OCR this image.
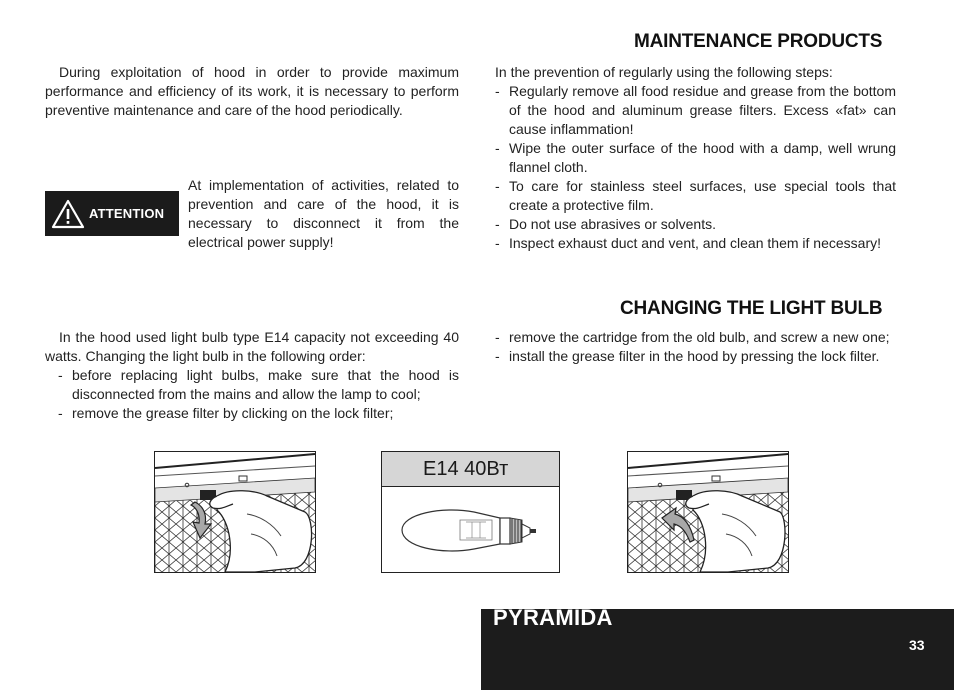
MAINTENANCE PRODUCTS
CHANGING THE LIGHT BULB

During exploitation of hood in order to provide maximum performance and efficiency of its work, it is necessary to perform preventive maintenance and care of the hood periodically.

ATTENTION

At implementation of activities, related to prevention and care of the hood, it is necessary to disconnect it from the electrical power supply!

In the prevention of regularly using the following steps:

- Regularly remove all food residue and grease from the bottom of the hood and aluminum grease filters. Excess «fat» can cause inflammation!
- Wipe the outer surface of the hood with a damp, well wrung flannel cloth.
- To care for stainless steel surfaces, use special tools that create a protective film.
- Do not use abrasives or solvents.
- Inspect exhaust duct and vent, and clean them if necessary!

In the hood used light bulb type E14 capacity not exceeding 40 watts. Changing the light bulb in the following order:

- before replacing light bulbs, make sure that the hood is disconnected from the mains and allow the lamp to cool;
- remove the grease filter by clicking on the lock filter;
- remove the cartridge from the old bulb, and screw a new one;
- install the grease filter in the hood by pressing the lock filter.
E14 40Вт
PYRAMIDA
33
